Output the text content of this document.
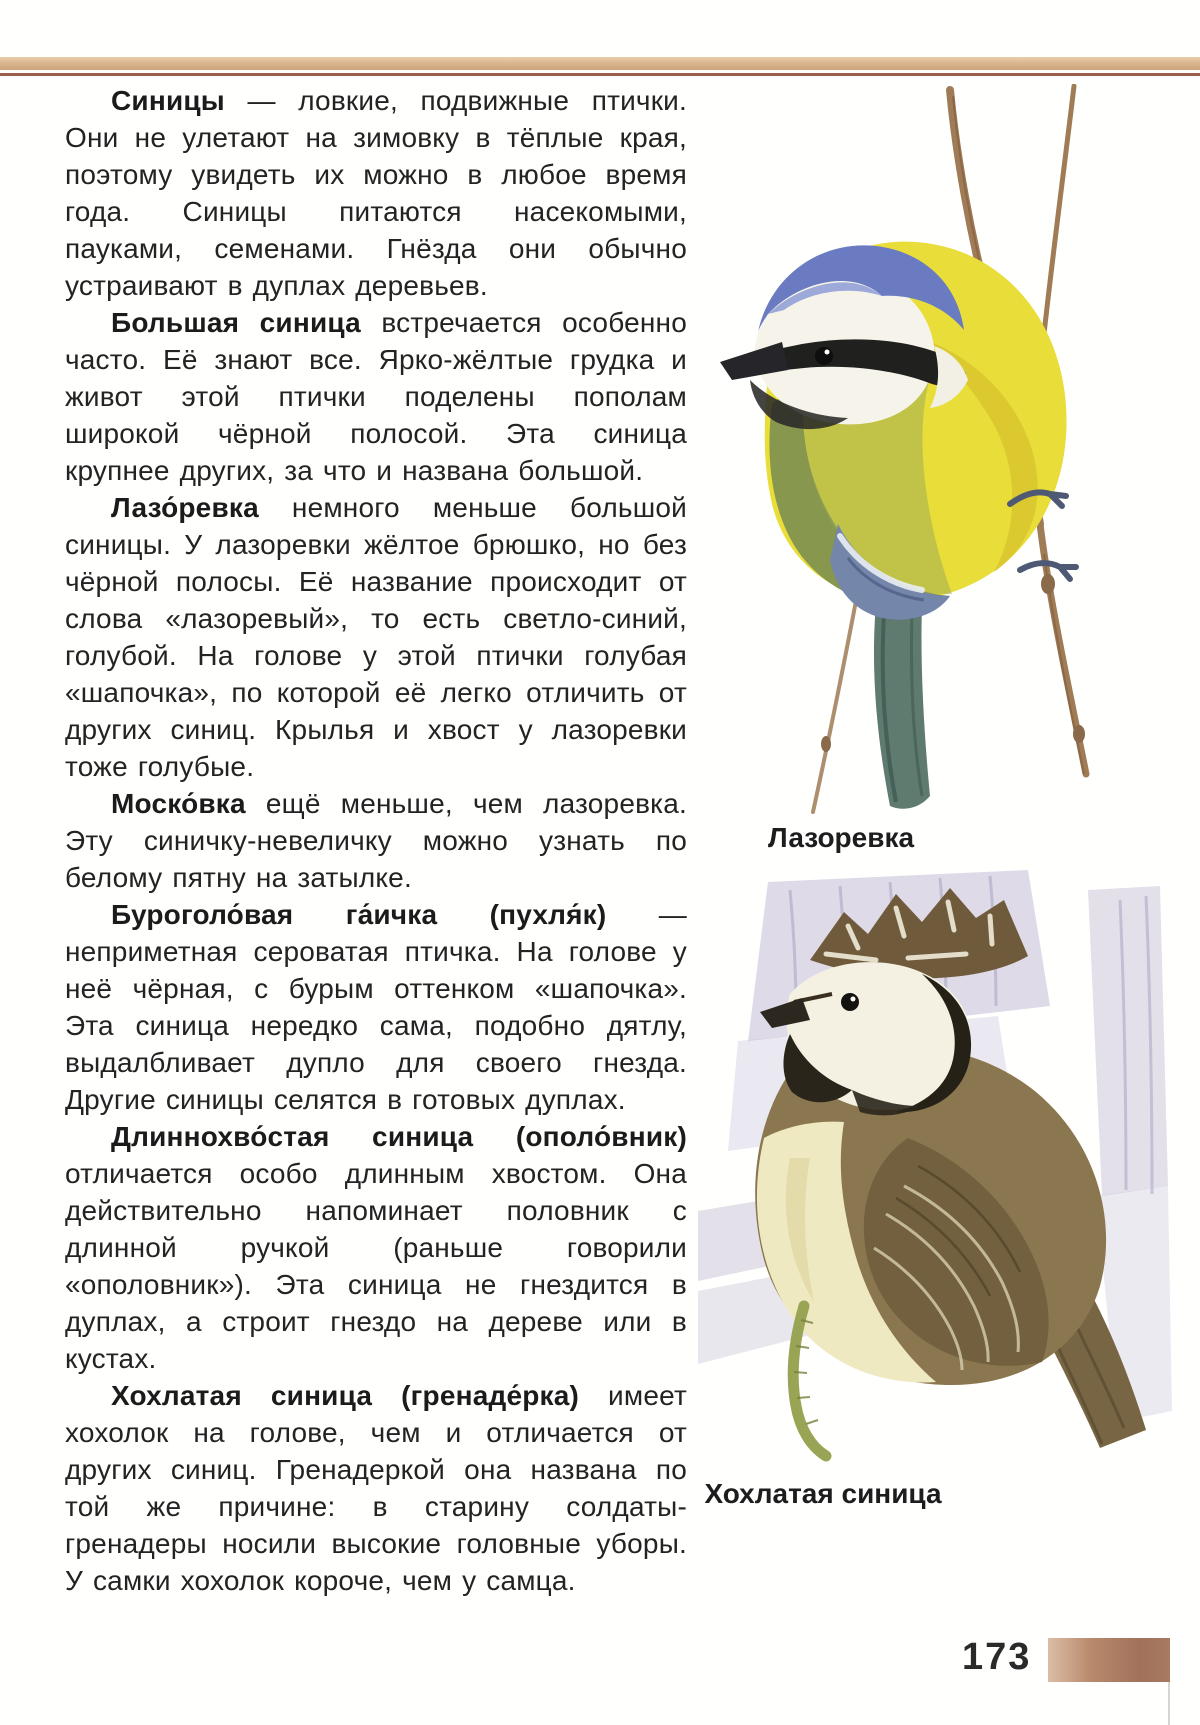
Синицы — ловкие, подвижные птички. Они не улетают на зимовку в тёплые края, поэтому увидеть их можно в любое время года. Синицы питаются насекомыми, пауками, семенами. Гнёзда они обычно устраивают в дуплах деревьев.

Большая синица встречается особенно часто. Её знают все. Ярко-жёлтые грудка и живот этой птички поделены пополам широкой чёрной полосой. Эта синица крупнее других, за что и названа большой.

Лазо́ревка немного меньше большой синицы. У лазоревки жёлтое брюшко, но без чёрной полосы. Её название происходит от слова «лазоревый», то есть светло-синий, голубой. На голове у этой птички голубая «шапочка», по которой её легко отличить от других синиц. Крылья и хвост у лазоревки тоже голубые.

Моско́вка ещё меньше, чем лазоревка. Эту синичку-невеличку можно узнать по белому пятну на затылке.

Буроголо́вая га́ичка (пухля́к) — неприметная сероватая птичка. На голове у неё чёрная, с бурым оттенком «шапочка». Эта синица нередко сама, подобно дятлу, выдалбливает дупло для своего гнезда. Другие синицы селятся в готовых дуплах.

Длиннохво́стая синица (ополо́вник) отличается особо длинным хвостом. Она действительно напоминает половник с длинной ручкой (раньше говорили «ополовник»). Эта синица не гнездится в дуплах, а строит гнездо на дереве или в кустах.

Хохлатая синица (гренаде́рка) имеет хохолок на голове, чем и отличается от других синиц. Гренадеркой она названа по той же причине: в старину солдаты-гренадеры носили высокие головные уборы. У самки хохолок короче, чем у самца.

Лазоревка
Хохлатая синица
173
